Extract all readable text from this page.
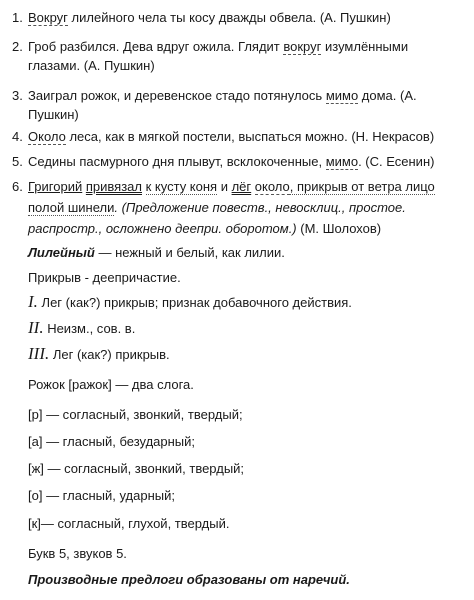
1. Вокруг лилейного чела ты косу дважды обвела. (А. Пушкин)
2. Гроб разбился. Дева вдруг ожила. Глядит вокруг изумлёнными
3. Заиграл рожок, и деревенское стадо потянулось мимо дома. (А.
4. Около леса, как в мягкой постели, выспаться можно. (Н. Некрасов)
5. Седины пасмурного дня плывут, всклокоченные, мимо. (С. Есенин)
6. Григорий привязал к кусту коня и лёг около, прикрыв от ветра лицо
глазами. (А. Пушкин)
Пушкин)
полой шинели. (Предложение повеств., невосклиц., простое.
распростр., осложнено деепри. оборотом.) (М. Шолохов)
Лилейный — нежный и белый, как лилии.
Прикрыв - деепричастие.
I. Лег (как?) прикрыв; признак добавочного действия.
II. Неизм., сов. в.
III. Лег (как?) прикрыв.
Рожок [ражок] — два слога.
[р] — согласный, звонкий, твердый;
[а] — гласный, безударный;
[ж] — согласный, звонкий, твердый;
[о] — гласный, ударный;
[к]— согласный, глухой, твердый.
Букв 5, звуков 5.
Производные предлоги образованы от наречий.
